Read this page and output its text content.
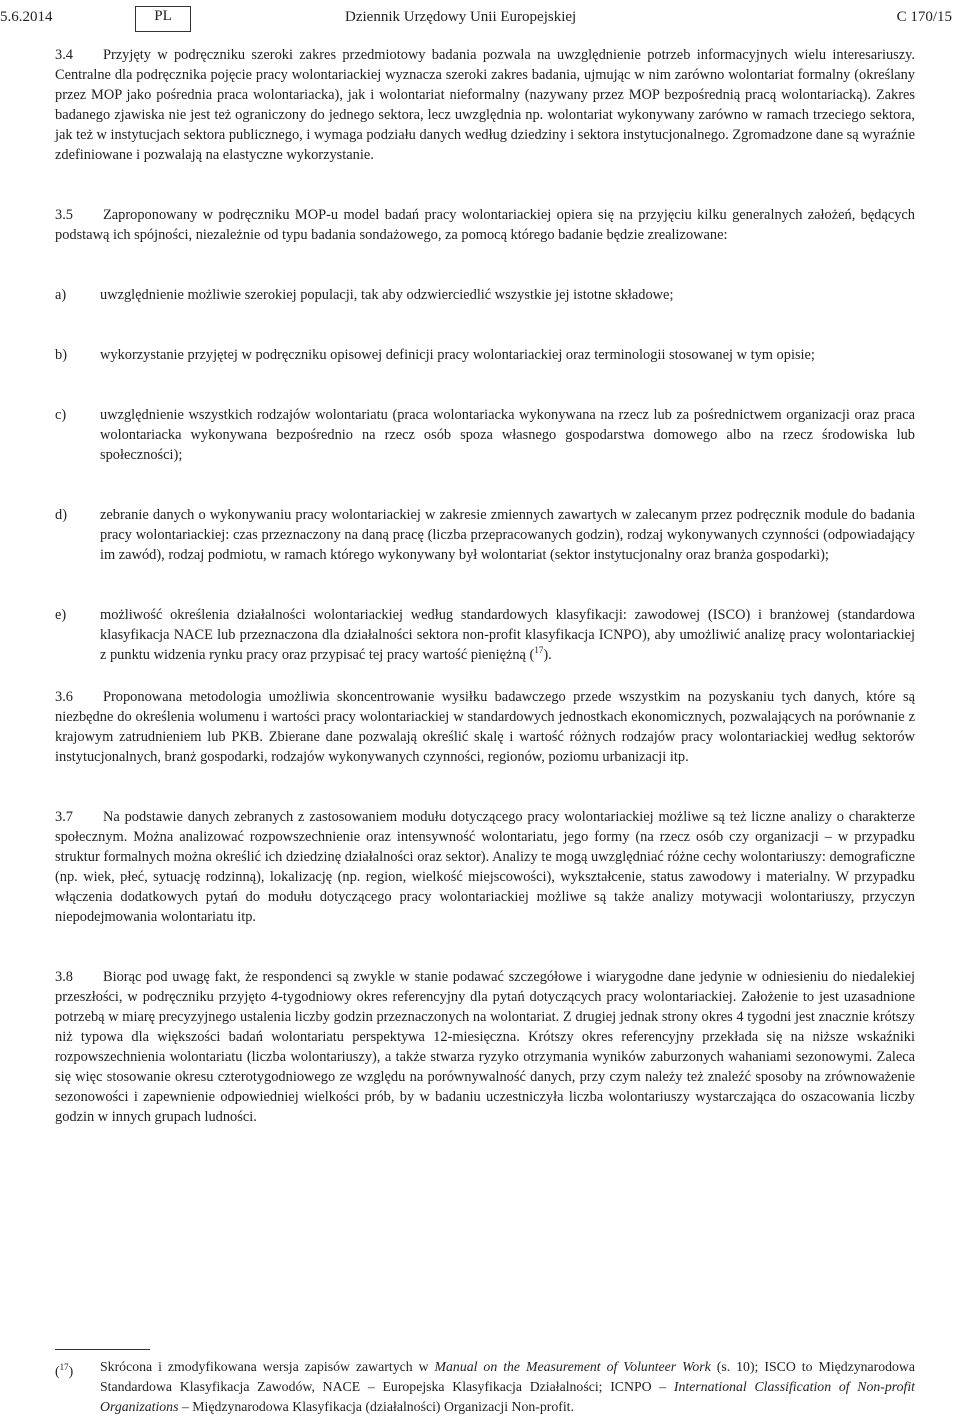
5.6.2014	PL	Dziennik Urzędowy Unii Europejskiej	C 170/15

3.4 Przyjęty w podręczniku szeroki zakres przedmiotowy badania pozwala na uwzględnienie potrzeb informacyjnych wielu interesariuszy. Centralne dla podręcznika pojęcie pracy wolontariackiej wyznacza szeroki zakres badania, ujmując w nim zarówno wolontariat formalny (określany przez MOP jako pośrednia praca wolontariacka), jak i wolontariat nieformalny (nazywany przez MOP bezpośrednią pracą wolontariacką). Zakres badanego zjawiska nie jest też ograniczony do jednego sektora, lecz uwzględnia np. wolontariat wykonywany zarówno w ramach trzeciego sektora, jak też w instytucjach sektora publicznego, i wymaga podziału danych według dziedziny i sektora instytucjonalnego. Zgromadzone dane są wyraźnie zdefiniowane i pozwalają na elastyczne wykorzystanie.

3.5 Zaproponowany w podręczniku MOP-u model badań pracy wolontariackiej opiera się na przyjęciu kilku generalnych założeń, będących podstawą ich spójności, niezależnie od typu badania sondażowego, za pomocą którego badanie będzie zrealizowane:

a) uwzględnienie możliwie szerokiej populacji, tak aby odzwierciedlić wszystkie jej istotne składowe;
b) wykorzystanie przyjętej w podręczniku opisowej definicji pracy wolontariackiej oraz terminologii stosowanej w tym opisie;
c) uwzględnienie wszystkich rodzajów wolontariatu (praca wolontariacka wykonywana na rzecz lub za pośrednictwem organizacji oraz praca wolontariacka wykonywana bezpośrednio na rzecz osób spoza własnego gospodarstwa domowego albo na rzecz środowiska lub społeczności);
d) zebranie danych o wykonywaniu pracy wolontariackiej w zakresie zmiennych zawartych w zalecanym przez podręcznik module do badania pracy wolontariackiej: czas przeznaczony na daną pracę (liczba przepracowanych godzin), rodzaj wykonywanych czynności (odpowiadający im zawód), rodzaj podmiotu, w ramach którego wykonywany był wolontariat (sektor instytucjonalny oraz branża gospodarki);
e) możliwość określenia działalności wolontariackiej według standardowych klasyfikacji: zawodowej (ISCO) i branżowej (standardowa klasyfikacja NACE lub przeznaczona dla działalności sektora non-profit klasyfikacja ICNPO), aby umożliwić analizę pracy wolontariackiej z punktu widzenia rynku pracy oraz przypisać tej pracy wartość pieniężną ($^{17}$).

3.6 Proponowana metodologia umożliwia skoncentrowanie wysiłku badawczego przede wszystkim na pozyskaniu tych danych, które są niezbędne do określenia wolumenu i wartości pracy wolontariackiej w standardowych jednostkach ekonomicznych, pozwalających na porównanie z krajowym zatrudnieniem lub PKB. Zbierane dane pozwalają określić skalę i wartość różnych rodzajów pracy wolontariackiej według sektorów instytucjonalnych, branż gospodarki, rodzajów wykonywanych czynności, regionów, poziomu urbanizacji itp.

3.7 Na podstawie danych zebranych z zastosowaniem modułu dotyczącego pracy wolontariackiej możliwe są też liczne analizy o charakterze społecznym. Można analizować rozpowszechnienie oraz intensywność wolontariatu, jego formy (na rzecz osób czy organizacji – w przypadku struktur formalnych można określić ich dziedzinę działalności oraz sektor). Analizy te mogą uwzględniać różne cechy wolontariuszy: demograficzne (np. wiek, płeć, sytuację rodzinną), lokalizację (np. region, wielkość miejscowości), wykształcenie, status zawodowy i materialny. W przypadku włączenia dodatkowych pytań do modułu dotyczącego pracy wolontariackiej możliwe są także analizy motywacji wolontariuszy, przyczyn niepodejmowania wolontariatu itp.

3.8 Biorąc pod uwagę fakt, że respondenci są zwykle w stanie podawać szczegółowe i wiarygodne dane jedynie w odniesieniu do niedalekiej przeszłości, w podręczniku przyjęto 4-tygodniowy okres referencyjny dla pytań dotyczących pracy wolontariackiej. Założenie to jest uzasadnione potrzebą w miarę precyzyjnego ustalenia liczby godzin przeznaczonych na wolontariat. Z drugiej jednak strony okres 4 tygodni jest znacznie krótszy niż typowa dla większości badań wolontariatu perspektywa 12-miesięczna. Krótszy okres referencyjny przekłada się na niższe wskaźniki rozpowszechnienia wolontariatu (liczba wolontariuszy), a także stwarza ryzyko otrzymania wyników zaburzonych wahaniami sezonowymi. Zaleca się więc stosowanie okresu czterotygodniowego ze względu na porównywalność danych, przy czym należy też znaleźć sposoby na zrównoważenie sezonowości i zapewnienie odpowiedniej wielkości prób, by w badaniu uczestniczyła liczba wolontariuszy wystarczająca do oszacowania liczby godzin w innych grupach ludności.

($^{17}$) Skrócona i zmodyfikowana wersja zapisów zawartych w Manual on the Measurement of Volunteer Work (s. 10); ISCO to Międzynarodowa Standardowa Klasyfikacja Zawodów, NACE – Europejska Klasyfikacja Działalności; ICNPO – International Classification of Non-profit Organizations – Międzynarodowa Klasyfikacja (działalności) Organizacji Non-profit.
